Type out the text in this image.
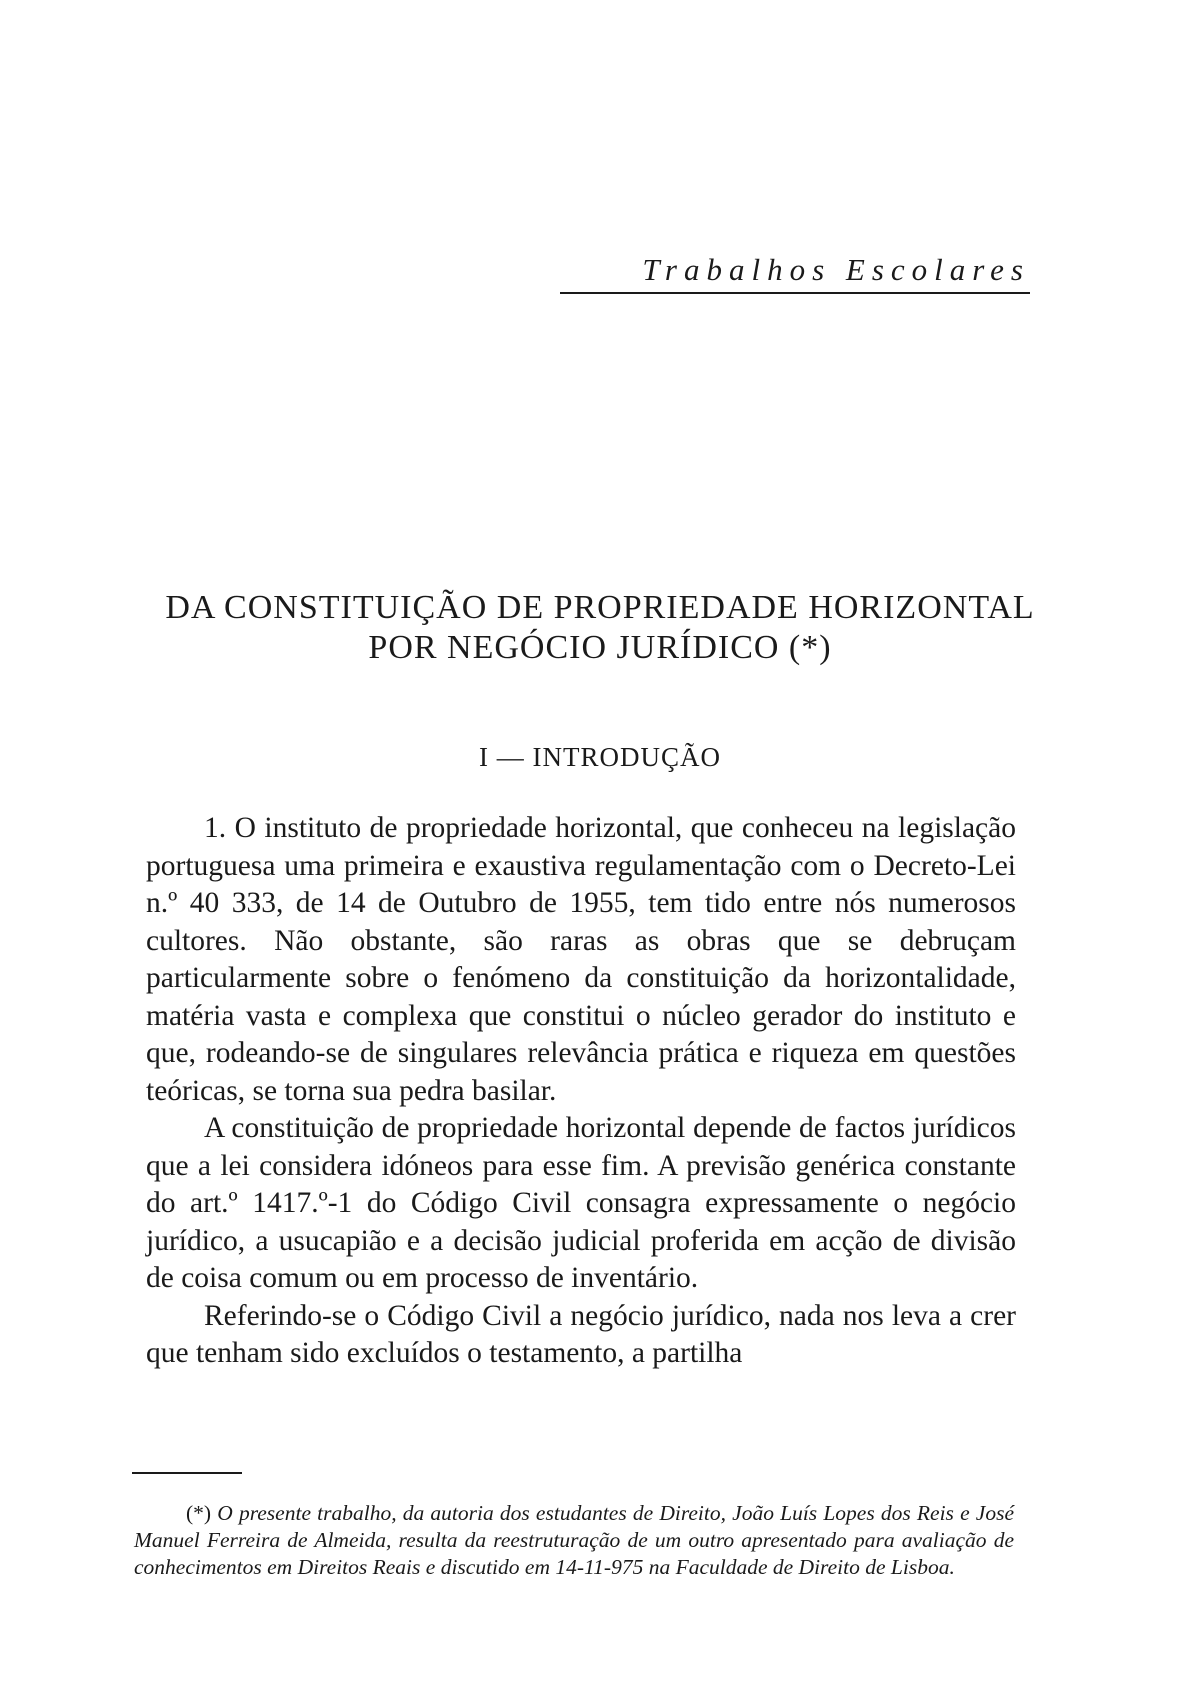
Trabalhos Escolares
DA CONSTITUIÇÃO DE PROPRIEDADE HORIZONTAL
POR NEGÓCIO JURÍDICO (*)
I — INTRODUÇÃO

1. O instituto de propriedade horizontal, que conheceu na legislação portuguesa uma primeira e exaustiva regulamentação com o Decreto-Lei n.º 40 333, de 14 de Outubro de 1955, tem tido entre nós numerosos cultores. Não obstante, são raras as obras que se debruçam particularmente sobre o fenómeno da constituição da horizontalidade, matéria vasta e complexa que constitui o núcleo gerador do instituto e que, rodeando-se de singulares relevância prática e riqueza em questões teóricas, se torna sua pedra basilar.

A constituição de propriedade horizontal depende de factos jurídicos que a lei considera idóneos para esse fim. A previsão genérica constante do art.º 1417.º-1 do Código Civil consagra expressamente o negócio jurídico, a usucapião e a decisão judicial proferida em acção de divisão de coisa comum ou em processo de inventário.

Referindo-se o Código Civil a negócio jurídico, nada nos leva a crer que tenham sido excluídos o testamento, a partilha

(*) O presente trabalho, da autoria dos estudantes de Direito, João Luís Lopes dos Reis e José Manuel Ferreira de Almeida, resulta da reestruturação de um outro apresentado para avaliação de conhecimentos em Direitos Reais e discutido em 14-11-975 na Faculdade de Direito de Lisboa.
